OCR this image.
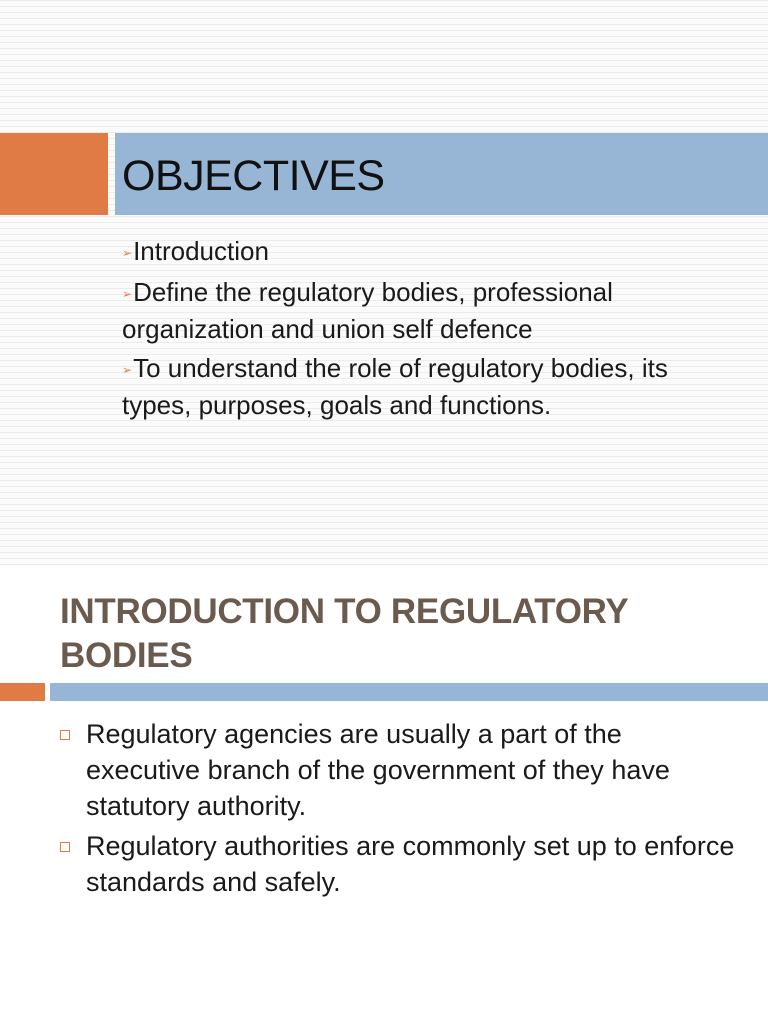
OBJECTIVES
➢Introduction
➢Define the regulatory bodies, professional organization and union self defence
➢To understand the role of regulatory bodies, its types, purposes, goals and functions.
INTRODUCTION TO REGULATORY BODIES
Regulatory agencies are usually a part of the executive branch of the government of they have statutory authority.
Regulatory authorities are commonly set up to enforce standards and safely.
